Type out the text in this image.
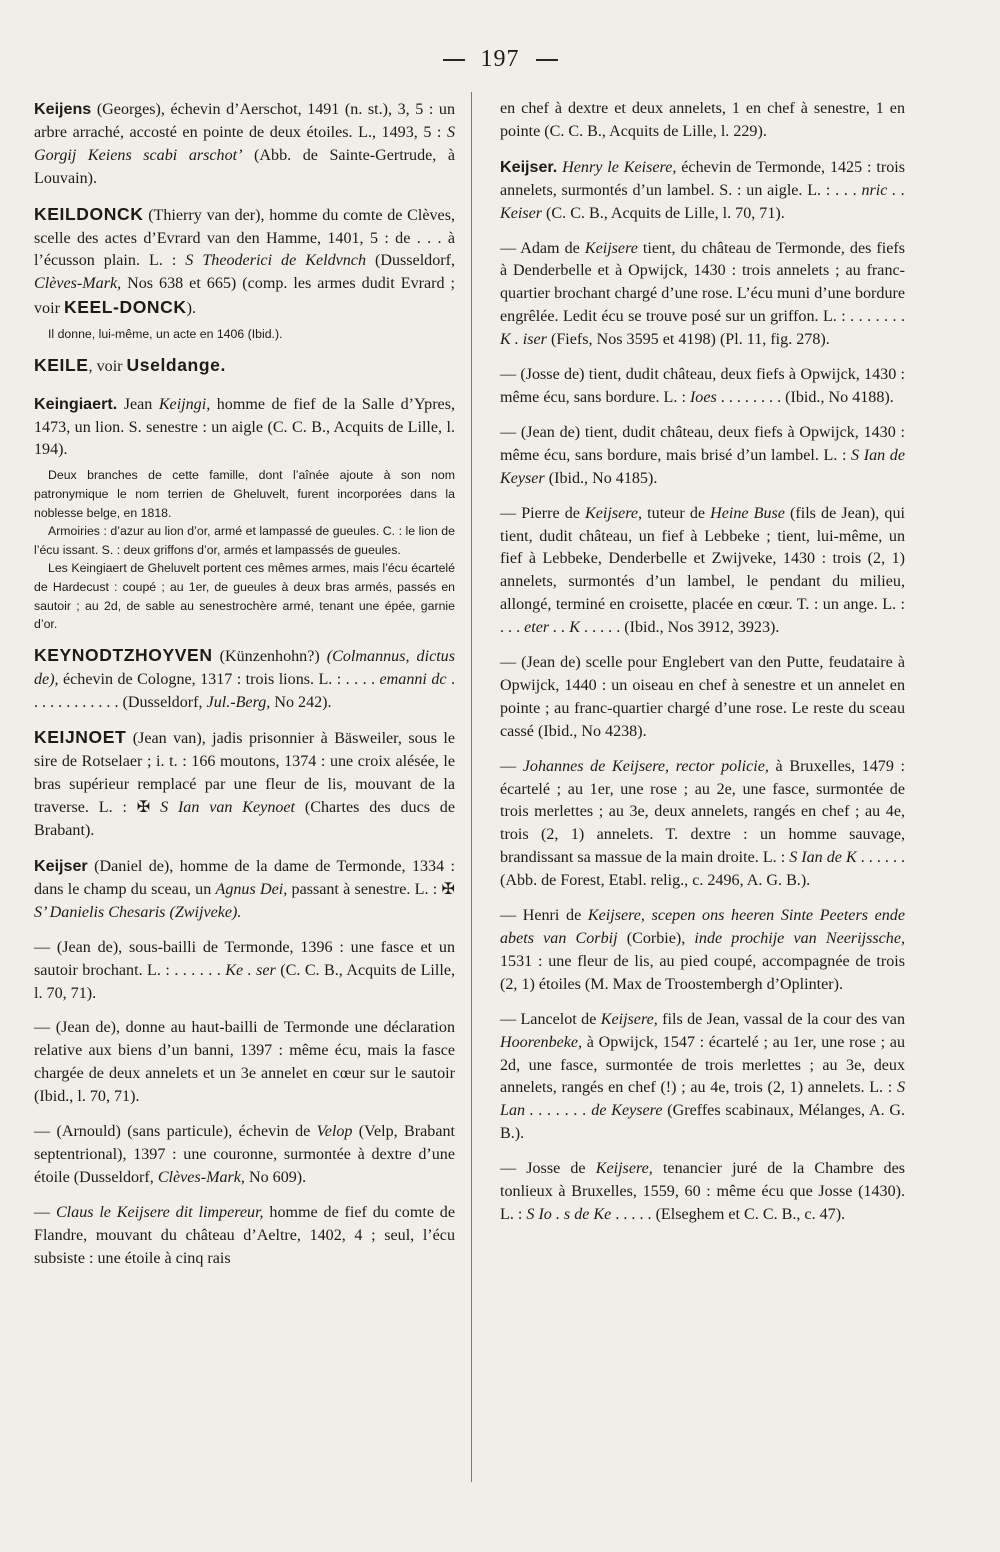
197

Keijens (Georges), échevin d’Aerschot, 1491 (n. st.), 3, 5 : un arbre arraché, accosté en pointe de deux étoiles. L., 1493, 5 : S Gorgij Keiens scabi arschot’ (Abb. de Sainte-Gertrude, à Louvain).

KEILDONCK (Thierry van der), homme du comte de Clèves, scelle des actes d’Evrard van den Hamme, 1401, 5 : de . . . à l’écusson plain. L. : S Theoderici de Keldvnch (Dusseldorf, Clèves-Mark, Nos 638 et 665) (comp. les armes dudit Evrard ; voir KEEL-DONCK).

Il donne, lui-même, un acte en 1406 (Ibid.).

KEILE, voir Useldange.

Keingiaert. Jean Keijngi, homme de fief de la Salle d’Ypres, 1473, un lion. S. senestre : un aigle (C. C. B., Acquits de Lille, l. 194).

Deux branches de cette famille, dont l’aînée ajoute à son nom patronymique le nom terrien de Gheluvelt, furent incorporées dans la noblesse belge, en 1818.

Armoiries : d’azur au lion d’or, armé et lampassé de gueules. C. : le lion de l’écu issant. S. : deux griffons d’or, armés et lampassés de gueules.

Les Keingiaert de Gheluvelt portent ces mêmes armes, mais l’écu écartelé de Hardecust : coupé ; au 1er, de gueules à deux bras armés, passés en sautoir ; au 2d, de sable au senestrochère armé, tenant une épée, garnie d’or.

KEYNODTZHOYVEN (Künzenhohn?) (Colmannus, dictus de), échevin de Cologne, 1317 : trois lions. L. : . . . . emanni dc . . . . . . . . . . . . (Dusseldorf, Jul.-Berg, No 242).

KEIJNOET (Jean van), jadis prisonnier à Bäsweiler, sous le sire de Rotselaer ; i. t. : 166 moutons, 1374 : une croix alésée, le bras supérieur remplacé par une fleur de lis, mouvant de la traverse. L. : ✠ S Ian van Keynoet (Chartes des ducs de Brabant).

Keijser (Daniel de), homme de la dame de Termonde, 1334 : dans le champ du sceau, un Agnus Dei, passant à senestre. L. : ✠ S’ Danielis Chesaris (Zwijveke).

— (Jean de), sous-bailli de Termonde, 1396 : une fasce et un sautoir brochant. L. : . . . . . . Ke . ser (C. C. B., Acquits de Lille, l. 70, 71).

— (Jean de), donne au haut-bailli de Termonde une déclaration relative aux biens d’un banni, 1397 : même écu, mais la fasce chargée de deux annelets et un 3e annelet en cœur sur le sautoir (Ibid., l. 70, 71).

— (Arnould) (sans particule), échevin de Velop (Velp, Brabant septentrional), 1397 : une couronne, surmontée à dextre d’une étoile (Dusseldorf, Clèves-Mark, No 609).

— Claus le Keijsere dit limpereur, homme de fief du comte de Flandre, mouvant du château d’Aeltre, 1402, 4 ; seul, l’écu subsiste : une étoile à cinq rais

en chef à dextre et deux annelets, 1 en chef à senestre, 1 en pointe (C. C. B., Acquits de Lille, l. 229).

Keijser. Henry le Keisere, échevin de Termonde, 1425 : trois annelets, surmontés d’un lambel. S. : un aigle. L. : . . . nric . . Keiser (C. C. B., Acquits de Lille, l. 70, 71).

— Adam de Keijsere tient, du château de Termonde, des fiefs à Denderbelle et à Opwijck, 1430 : trois annelets ; au franc-quartier brochant chargé d’une rose. L’écu muni d’une bordure engrêlée. Ledit écu se trouve posé sur un griffon. L. : . . . . . . . K . iser (Fiefs, Nos 3595 et 4198) (Pl. 11, fig. 278).

— (Josse de) tient, dudit château, deux fiefs à Opwijck, 1430 : même écu, sans bordure. L. : Ioes . . . . . . . . (Ibid., No 4188).

— (Jean de) tient, dudit château, deux fiefs à Opwijck, 1430 : même écu, sans bordure, mais brisé d’un lambel. L. : S Ian de Keyser (Ibid., No 4185).

— Pierre de Keijsere, tuteur de Heine Buse (fils de Jean), qui tient, dudit château, un fief à Lebbeke ; tient, lui-même, un fief à Lebbeke, Denderbelle et Zwijveke, 1430 : trois (2, 1) annelets, surmontés d’un lambel, le pendant du milieu, allongé, terminé en croisette, placée en cœur. T. : un ange. L. : . . . eter . . K . . . . . (Ibid., Nos 3912, 3923).

— (Jean de) scelle pour Englebert van den Putte, feudataire à Opwijck, 1440 : un oiseau en chef à senestre et un annelet en pointe ; au franc-quartier chargé d’une rose. Le reste du sceau cassé (Ibid., No 4238).

— Johannes de Keijsere, rector policie, à Bruxelles, 1479 : écartelé ; au 1er, une rose ; au 2e, une fasce, surmontée de trois merlettes ; au 3e, deux annelets, rangés en chef ; au 4e, trois (2, 1) annelets. T. dextre : un homme sauvage, brandissant sa massue de la main droite. L. : S Ian de K . . . . . . (Abb. de Forest, Etabl. relig., c. 2496, A. G. B.).

— Henri de Keijsere, scepen ons heeren Sinte Peeters ende abets van Corbij (Corbie), inde prochije van Neerijssche, 1531 : une fleur de lis, au pied coupé, accompagnée de trois (2, 1) étoiles (M. Max de Troostembergh d’Oplinter).

— Lancelot de Keijsere, fils de Jean, vassal de la cour des van Hoorenbeke, à Opwijck, 1547 : écartelé ; au 1er, une rose ; au 2d, une fasce, surmontée de trois merlettes ; au 3e, deux annelets, rangés en chef (!) ; au 4e, trois (2, 1) annelets. L. : S Lan . . . . . . . de Keysere (Greffes scabinaux, Mélanges, A. G. B.).

— Josse de Keijsere, tenancier juré de la Chambre des tonlieux à Bruxelles, 1559, 60 : même écu que Josse (1430). L. : S Io . s de Ke . . . . . (Elseghem et C. C. B., c. 47).
